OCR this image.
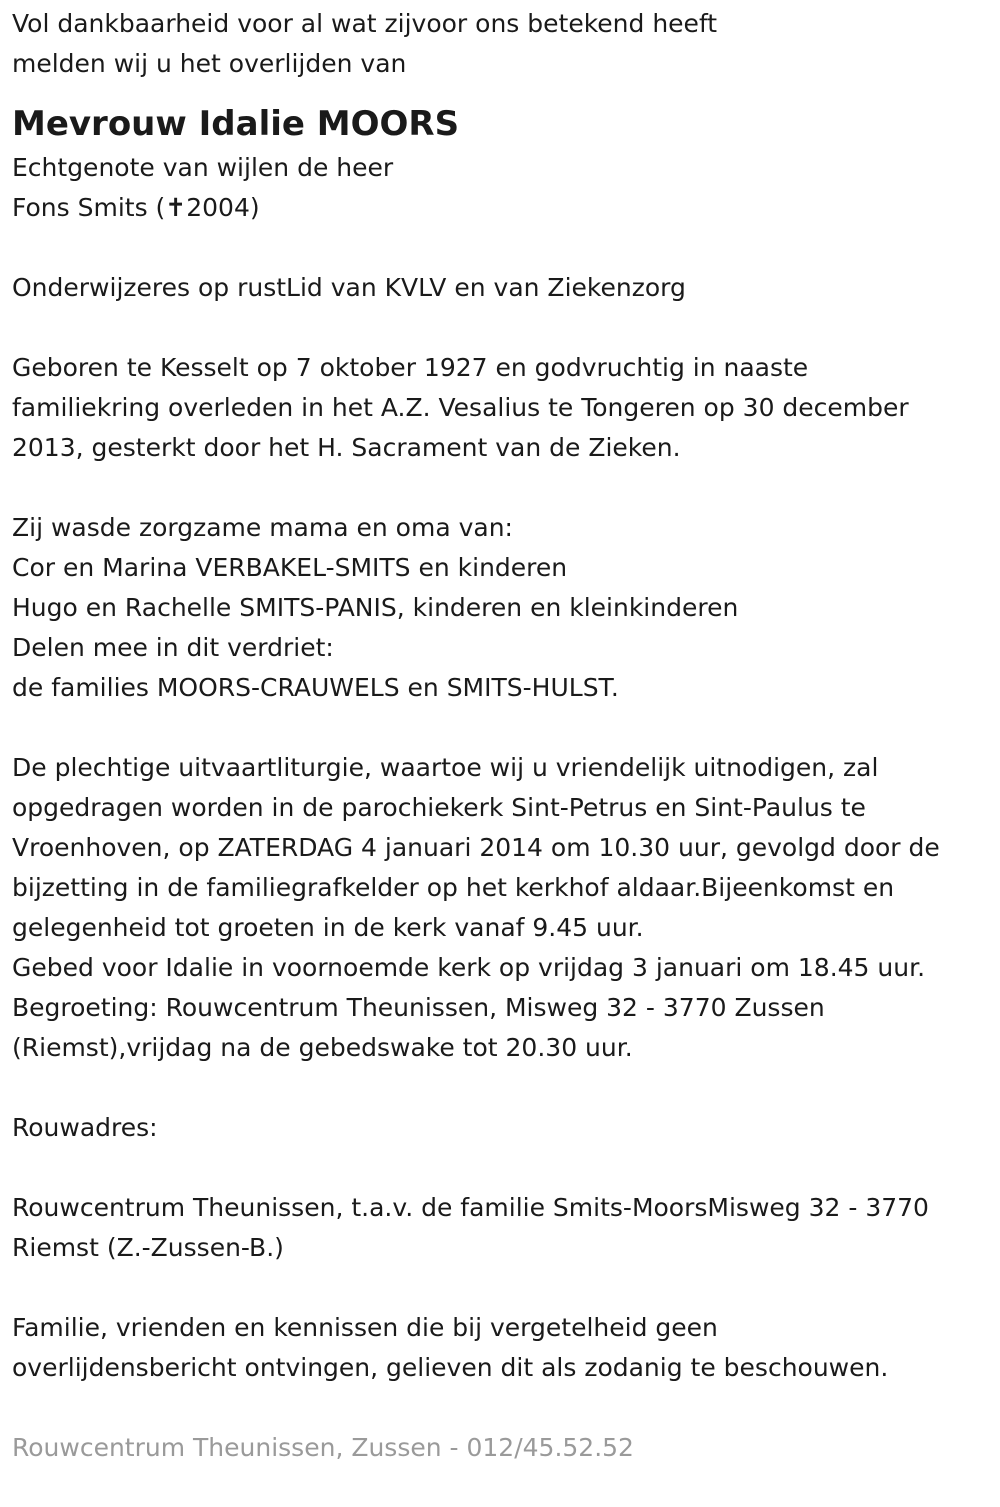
Vol dankbaarheid voor al wat zijvoor ons betekend heeft

melden wij u het overlijden van

Mevrouw Idalie MOORS

Echtgenote van wijlen de heer

Fons Smits (✝2004)

Onderwijzeres op rustLid van KVLV en van Ziekenzorg

Geboren te Kesselt op 7 oktober 1927 en godvruchtig in naaste

familiekring overleden in het A.Z. Vesalius te Tongeren op 30 december

2013, gesterkt door het H. Sacrament van de Zieken.

Zij wasde zorgzame mama en oma van:

Cor en Marina VERBAKEL-SMITS en kinderen

Hugo en Rachelle SMITS-PANIS, kinderen en kleinkinderen

Delen mee in dit verdriet:

de families MOORS-CRAUWELS en SMITS-HULST.

De plechtige uitvaartliturgie, waartoe wij u vriendelijk uitnodigen, zal

opgedragen worden in de parochiekerk Sint-Petrus en Sint-Paulus te

Vroenhoven, op ZATERDAG 4 januari 2014 om 10.30 uur, gevolgd door de

bijzetting in de familiegrafkelder op het kerkhof aldaar.Bijeenkomst en

gelegenheid tot groeten in de kerk vanaf 9.45 uur.

Gebed voor Idalie in voornoemde kerk op vrijdag 3 januari om 18.45 uur.

Begroeting: Rouwcentrum Theunissen, Misweg 32 - 3770 Zussen

(Riemst),vrijdag na de gebedswake tot 20.30 uur.

Rouwadres:

Rouwcentrum Theunissen, t.a.v. de familie Smits-MoorsMisweg 32 - 3770

Riemst (Z.-Zussen-B.)

Familie, vrienden en kennissen die bij vergetelheid geen

overlijdensbericht ontvingen, gelieven dit als zodanig te beschouwen.

Rouwcentrum Theunissen, Zussen - 012/45.52.52
